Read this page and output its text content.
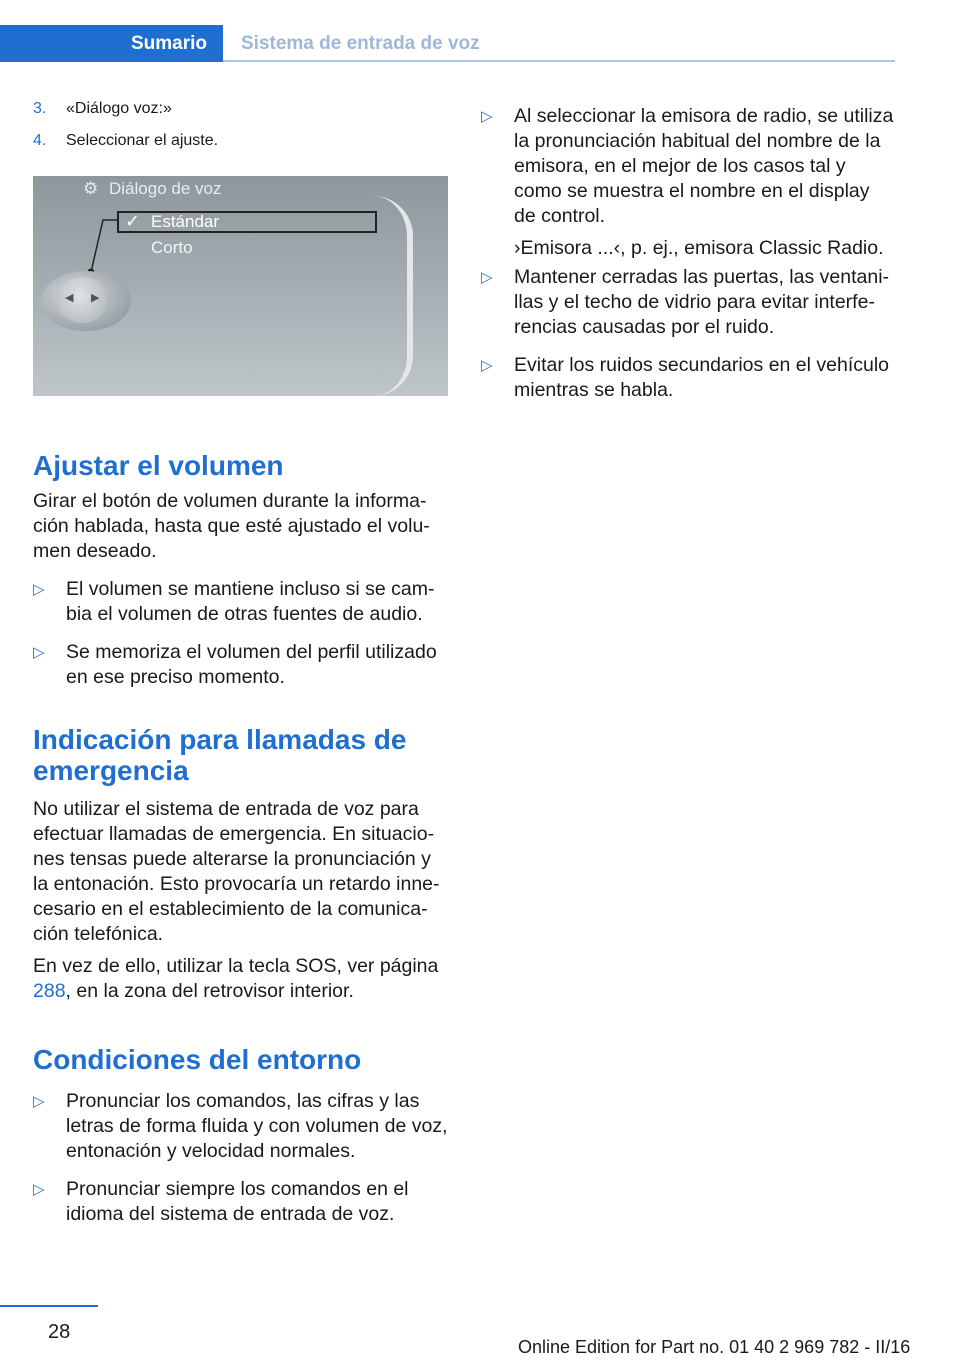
Sumario Sistema de entrada de voz
3.	«Diálogo voz:»
4.	Seleccionar el ajuste.
⚙ Diálogo de voz
✓ Estándar
Corto
◀ ▶
Ajustar el volumen

Girar el botón de volumen durante la información hablada, hasta que esté ajustado el volumen deseado.

▷ El volumen se mantiene incluso si se cambia el volumen de otras fuentes de audio.
▷ Se memoriza el volumen del perfil utilizado en ese preciso momento.
Indicación para llamadas de emergencia

No utilizar el sistema de entrada de voz para efectuar llamadas de emergencia. En situaciones tensas puede alterarse la pronunciación y la entonación. Esto provocaría un retardo innecesario en el establecimiento de la comunicación telefónica.

En vez de ello, utilizar la tecla SOS, ver página 288, en la zona del retrovisor interior.

Condiciones del entorno
▷ Pronunciar los comandos, las cifras y las letras de forma fluida y con volumen de voz, entonación y velocidad normales.
▷ Pronunciar siempre los comandos en el idioma del sistema de entrada de voz.
▷ Al seleccionar la emisora de radio, se utiliza la pronunciación habitual del nombre de la emisora, en el mejor de los casos tal y como se muestra el nombre en el display de control.

›Emisora ...‹, p. ej., emisora Classic Radio.

▷ Mantener cerradas las puertas, las ventanillas y el techo de vidrio para evitar interferencias causadas por el ruido.
▷ Evitar los ruidos secundarios en el vehículo mientras se habla.
28
Online Edition for Part no. 01 40 2 969 782 - II/16
